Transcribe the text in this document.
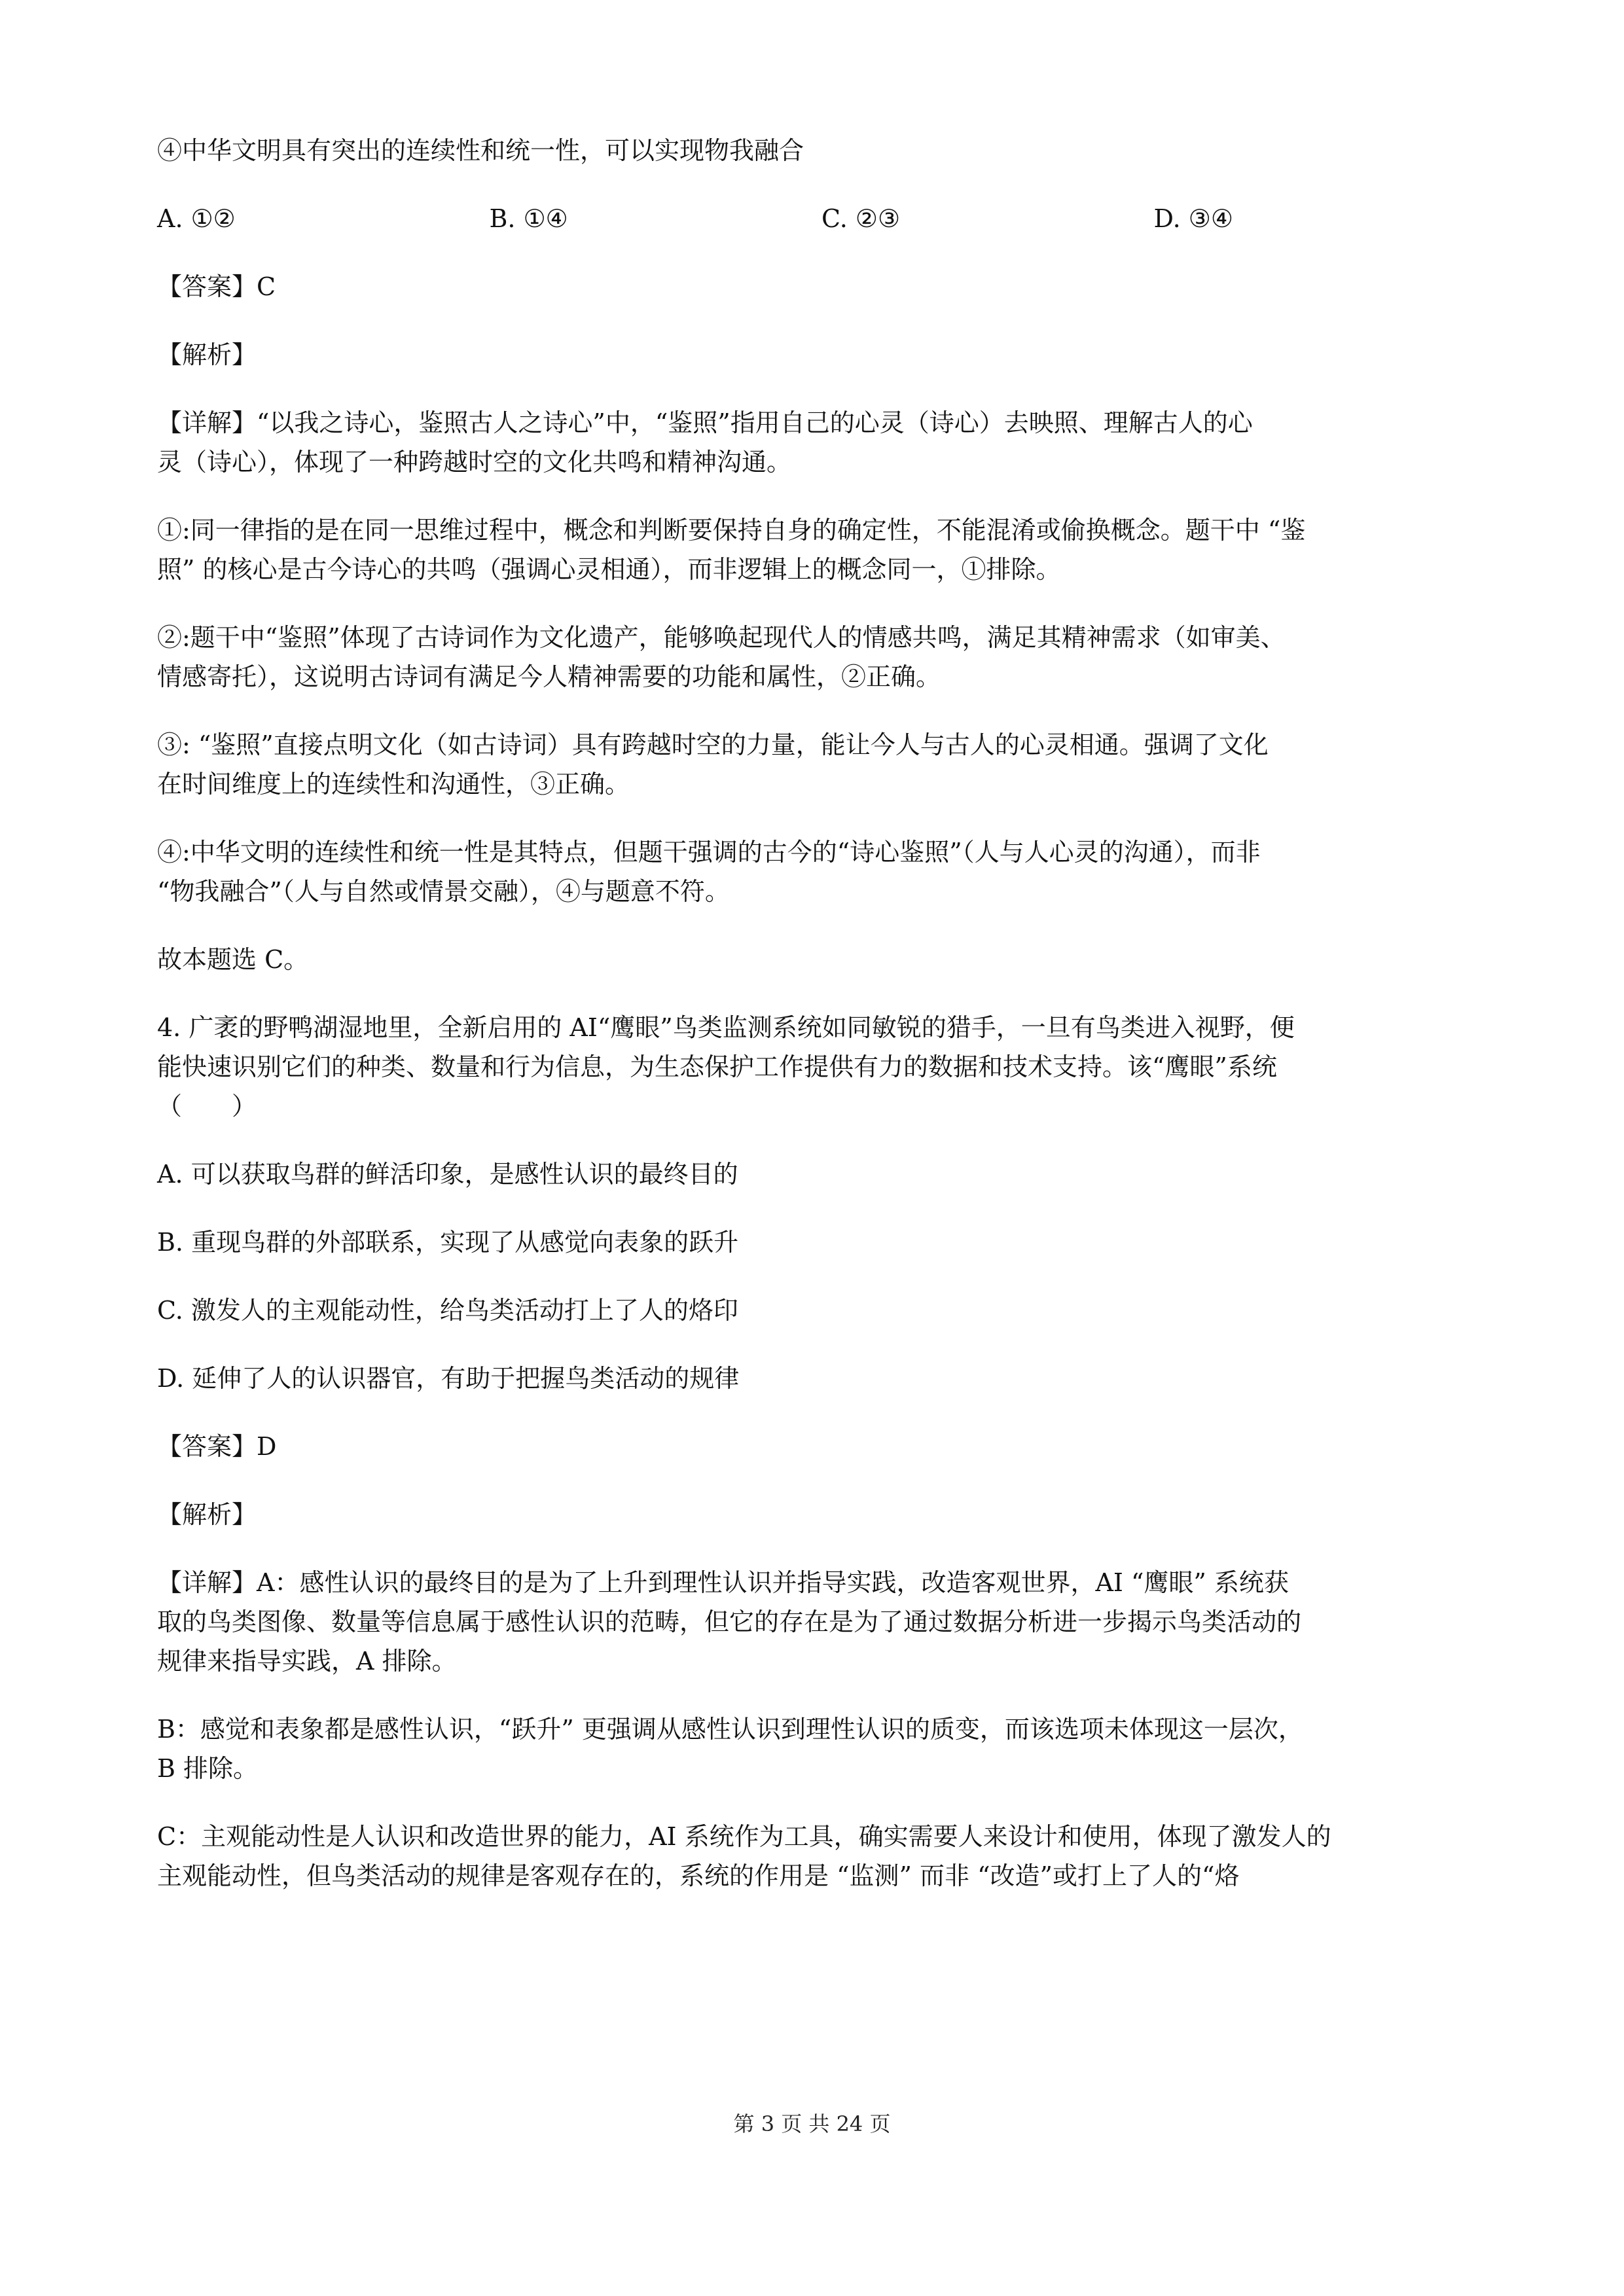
④中华文明具有突出的连续性和统一性，可以实现物我融合

A. ①②	B. ①④	C. ②③	D. ③④

【答案】C

【解析】

【详解】“以我之诗心，鉴照古人之诗心”中，“鉴照”指用自己的心灵（诗心）去映照、理解古人的心
灵（诗心），体现了一种跨越时空的文化共鸣和精神沟通。
①:同一律指的是在同一思维过程中，概念和判断要保持自身的确定性，不能混淆或偷换概念。题干中 “鉴
照” 的核心是古今诗心的共鸣（强调心灵相通），而非逻辑上的概念同一，①排除。
②:题干中“鉴照”体现了古诗词作为文化遗产，能够唤起现代人的情感共鸣，满足其精神需求（如审美、
情感寄托），这说明古诗词有满足今人精神需要的功能和属性，②正确。
③: “鉴照”直接点明文化（如古诗词）具有跨越时空的力量，能让今人与古人的心灵相通。强调了文化
在时间维度上的连续性和沟通性，③正确。
④:中华文明的连续性和统一性是其特点，但题干强调的古今的“诗心鉴照”（人与人心灵的沟通），而非
“物我融合”（人与自然或情景交融），④与题意不符。

故本题选 C。

4. 广袤的野鸭湖湿地里，全新启用的 AI“鹰眼”鸟类监测系统如同敏锐的猎手，一旦有鸟类进入视野，便
能快速识别它们的种类、数量和行为信息，为生态保护工作提供有力的数据和技术支持。该“鹰眼”系统
（　　）

A. 可以获取鸟群的鲜活印象，是感性认识的最终目的

B. 重现鸟群的外部联系，实现了从感觉向表象的跃升

C. 激发人的主观能动性，给鸟类活动打上了人的烙印

D. 延伸了人的认识器官，有助于把握鸟类活动的规律

【答案】D

【解析】

【详解】A：感性认识的最终目的是为了上升到理性认识并指导实践，改造客观世界，AI “鹰眼” 系统获
取的鸟类图像、数量等信息属于感性认识的范畴，但它的存在是为了通过数据分析进一步揭示鸟类活动的
规律来指导实践，A 排除。
B：感觉和表象都是感性认识，“跃升” 更强调从感性认识到理性认识的质变，而该选项未体现这一层次，
B 排除。
C：主观能动性是人认识和改造世界的能力，AI 系统作为工具，确实需要人来设计和使用，体现了激发人的
主观能动性，但鸟类活动的规律是客观存在的，系统的作用是 “监测” 而非 “改造”或打上了人的“烙
第 3 页 共 24 页
